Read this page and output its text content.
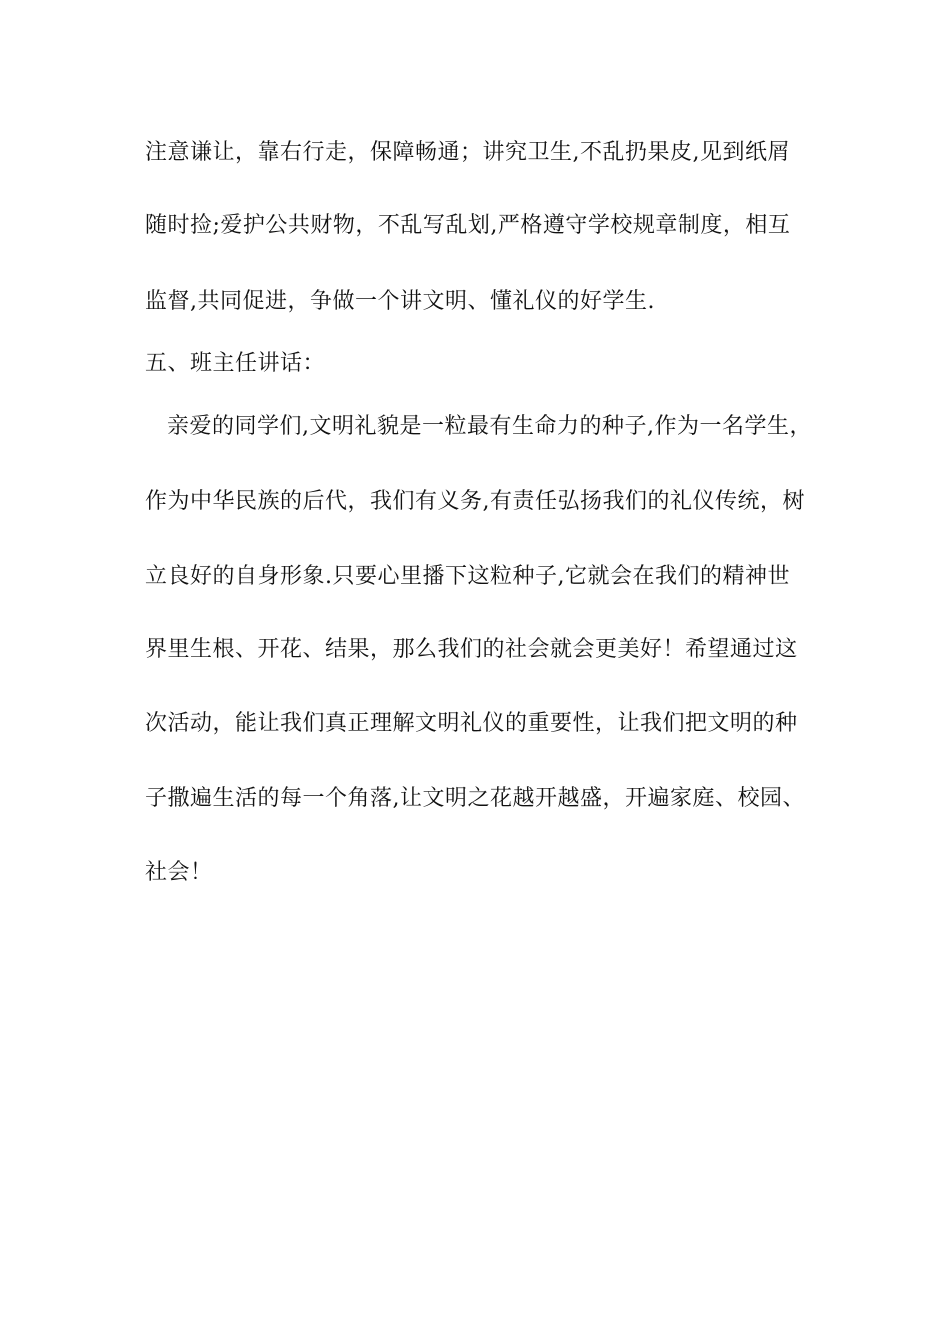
注意谦让，靠右行走，保障畅通；讲究卫生,不乱扔果皮,见到纸屑
随时捡;爱护公共财物，不乱写乱划,严格遵守学校规章制度，相互
监督,共同促进，争做一个讲文明、懂礼仪的好学生.
五、班主任讲话：
亲爱的同学们,文明礼貌是一粒最有生命力的种子,作为一名学生，
作为中华民族的后代，我们有义务,有责任弘扬我们的礼仪传统，树
立良好的自身形象.只要心里播下这粒种子,它就会在我们的精神世
界里生根、开花、结果，那么我们的社会就会更美好！希望通过这
次活动，能让我们真正理解文明礼仪的重要性，让我们把文明的种
子撒遍生活的每一个角落,让文明之花越开越盛，开遍家庭、校园、
社会！
